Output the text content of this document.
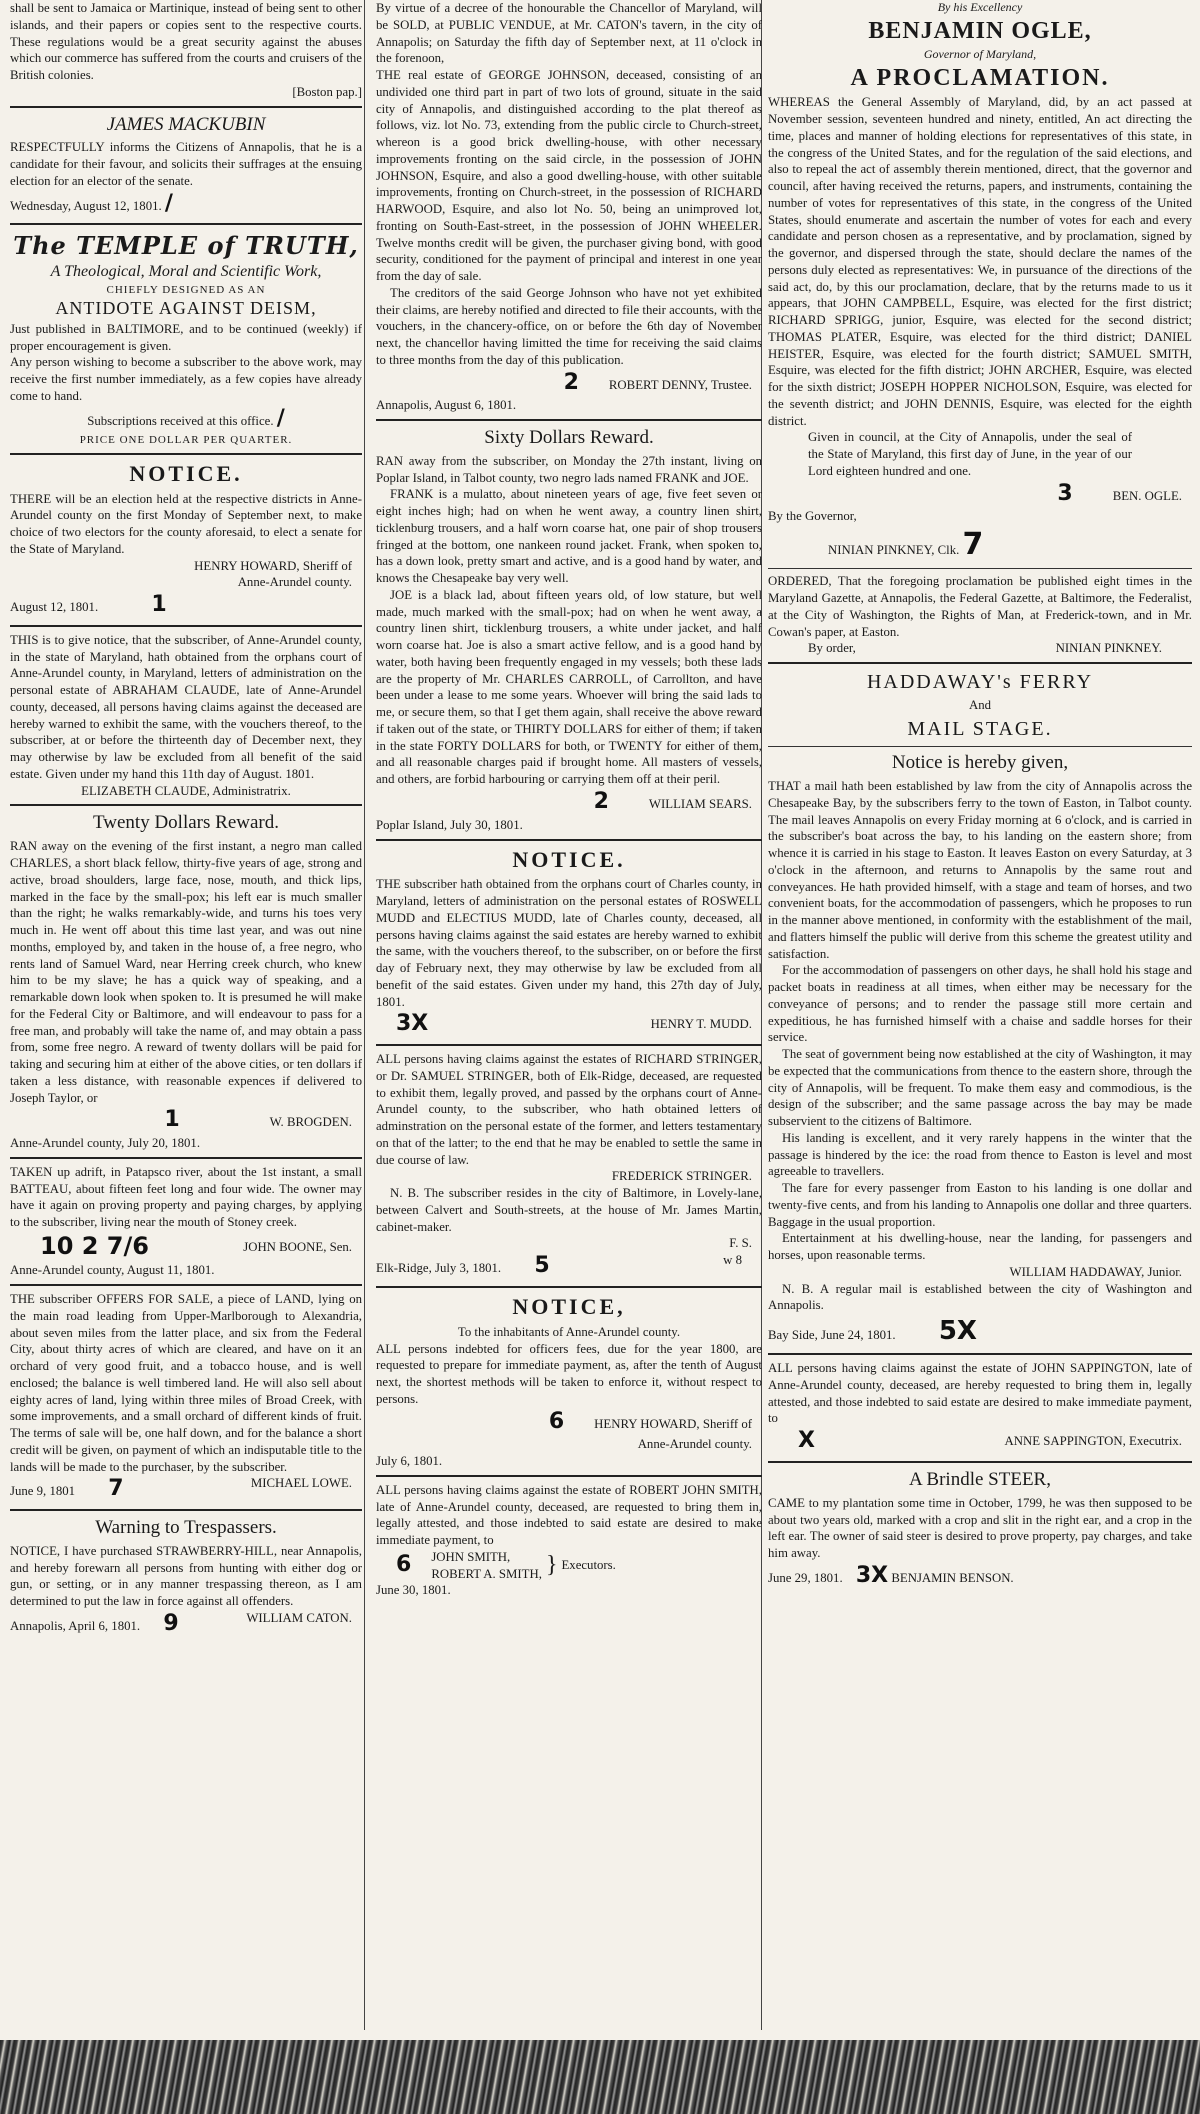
shall be sent to Jamaica or Martinique, instead of being sent to other islands, and their papers or copies sent to the respective courts. These regulations would be a great security against the abuses which our commerce has suffered from the courts and cruisers of the British colonies.

[Boston pap.]
JAMES MACKUBIN

RESPECTFULLY informs the Citizens of Annapolis, that he is a candidate for their favour, and solicits their suffrages at the ensuing election for an elector of the senate.

Wednesday, August 12, 1801. /
The TEMPLE of TRUTH,
A Theological, Moral and Scientific Work,
CHIEFLY DESIGNED AS AN
ANTIDOTE AGAINST DEISM,

Just published in BALTIMORE, and to be continued (weekly) if proper encouragement is given.

Any person wishing to become a subscriber to the above work, may receive the first number immediately, as a few copies have already come to hand.

Subscriptions received at this office. /
PRICE ONE DOLLAR PER QUARTER.
NOTICE.

THERE will be an election held at the respective districts in Anne-Arundel county on the first Monday of September next, to make choice of two electors for the county aforesaid, to elect a senate for the State of Maryland.

HENRY HOWARD, Sheriff of
Anne-Arundel county.
August 12, 1801. 1

THIS is to give notice, that the subscriber, of Anne-Arundel county, in the state of Maryland, hath obtained from the orphans court of Anne-Arundel county, in Maryland, letters of administration on the personal estate of ABRAHAM CLAUDE, late of Anne-Arundel county, deceased, all persons having claims against the deceased are hereby warned to exhibit the same, with the vouchers thereof, to the subscriber, at or before the thirteenth day of December next, they may otherwise by law be excluded from all benefit of the said estate. Given under my hand this 11th day of August. 1801.

ELIZABETH CLAUDE, Administratrix.
Twenty Dollars Reward.

RAN away on the evening of the first instant, a negro man called CHARLES, a short black fellow, thirty-five years of age, strong and active, broad shoulders, large face, nose, mouth, and thick lips, marked in the face by the small-pox; his left ear is much smaller than the right; he walks remarkably-wide, and turns his toes very much in. He went off about this time last year, and was out nine months, employed by, and taken in the house of, a free negro, who rents land of Samuel Ward, near Herring creek church, who knew him to be my slave; he has a quick way of speaking, and a remarkable down look when spoken to. It is presumed he will make for the Federal City or Baltimore, and will endeavour to pass for a free man, and probably will take the name of, and may obtain a pass from, some free negro. A reward of twenty dollars will be paid for taking and securing him at either of the above cities, or ten dollars if taken a less distance, with reasonable expences if delivered to Joseph Taylor, or

1	W. BROGDEN.
Anne-Arundel county, July 20, 1801.

TAKEN up adrift, in Patapsco river, about the 1st instant, a small BATTEAU, about fifteen feet long and four wide. The owner may have it again on proving property and paying charges, by applying to the subscriber, living near the mouth of Stoney creek.

10 2 7/6	JOHN BOONE, Sen.
Anne-Arundel county, August 11, 1801.

THE subscriber OFFERS FOR SALE, a piece of LAND, lying on the main road leading from Upper-Marlborough to Alexandria, about seven miles from the latter place, and six from the Federal City, about thirty acres of which are cleared, and have on it an orchard of very good fruit, and a tobacco house, and is well enclosed; the balance is well timbered land. He will also sell about eighty acres of land, lying within three miles of Broad Creek, with some improvements, and a small orchard of different kinds of fruit. The terms of sale will be, one half down, and for the balance a short credit will be given, on payment of which an indisputable title to the lands will be made to the purchaser, by the subscriber.

June 9, 1801 7	MICHAEL LOWE.
Warning to Trespassers.

NOTICE, I have purchased STRAWBERRY-HILL, near Annapolis, and hereby forewarn all persons from hunting with either dog or gun, or setting, or in any manner trespassing thereon, as I am determined to put the law in force against all offenders.

Annapolis, April 6, 1801. 9	WILLIAM CATON.

By virtue of a decree of the honourable the Chancellor of Maryland, will be SOLD, at PUBLIC VENDUE, at Mr. CATON's tavern, in the city of Annapolis; on Saturday the fifth day of September next, at 11 o'clock in the forenoon,

THE real estate of GEORGE JOHNSON, deceased, consisting of an undivided one third part in part of two lots of ground, situate in the said city of Annapolis, and distinguished according to the plat thereof as follows, viz. lot No. 73, extending from the public circle to Church-street, whereon is a good brick dwelling-house, with other necessary improvements fronting on the said circle, in the possession of JOHN JOHNSON, Esquire, and also a good dwelling-house, with other suitable improvements, fronting on Church-street, in the possession of RICHARD HARWOOD, Esquire, and also lot No. 50, being an unimproved lot, fronting on South-East-street, in the possession of JOHN WHEELER. Twelve months credit will be given, the purchaser giving bond, with good security, conditioned for the payment of principal and interest in one year from the day of sale.

The creditors of the said George Johnson who have not yet exhibited their claims, are hereby notified and directed to file their accounts, with the vouchers, in the chancery-office, on or before the 6th day of November next, the chancellor having limitted the time for receiving the said claims to three months from the day of this publication.

2 ROBERT DENNY, Trustee.
Annapolis, August 6, 1801.
Sixty Dollars Reward.

RAN away from the subscriber, on Monday the 27th instant, living on Poplar Island, in Talbot county, two negro lads named FRANK and JOE.

FRANK is a mulatto, about nineteen years of age, five feet seven or eight inches high; had on when he went away, a country linen shirt, ticklenburg trousers, and a half worn coarse hat, one pair of shop trousers fringed at the bottom, one nankeen round jacket. Frank, when spoken to, has a down look, pretty smart and active, and is a good hand by water, and knows the Chesapeake bay very well.

JOE is a black lad, about fifteen years old, of low stature, but well made, much marked with the small-pox; had on when he went away, a country linen shirt, ticklenburg trousers, a white under jacket, and half worn coarse hat. Joe is also a smart active fellow, and is a good hand by water, both having been frequently engaged in my vessels; both these lads are the property of Mr. CHARLES CARROLL, of Carrollton, and have been under a lease to me some years. Whoever will bring the said lads to me, or secure them, so that I get them again, shall receive the above reward if taken out of the state, or THIRTY DOLLARS for either of them; if taken in the state FORTY DOLLARS for both, or TWENTY for either of them, and all reasonable charges paid if brought home. All masters of vessels, and others, are forbid harbouring or carrying them off at their peril.

2	WILLIAM SEARS.
Poplar Island, July 30, 1801.
NOTICE.

THE subscriber hath obtained from the orphans court of Charles county, in Maryland, letters of administration on the personal estates of ROSWELL MUDD and ELECTIUS MUDD, late of Charles county, deceased, all persons having claims against the said estates are hereby warned to exhibit the same, with the vouchers thereof, to the subscriber, on or before the first day of February next, they may otherwise by law be excluded from all benefit of the said estates. Given under my hand, this 27th day of July, 1801.

3X	HENRY T. MUDD.

ALL persons having claims against the estates of RICHARD STRINGER, or Dr. SAMUEL STRINGER, both of Elk-Ridge, deceased, are requested to exhibit them, legally proved, and passed by the orphans court of Anne-Arundel county, to the subscriber, who hath obtained letters of adminstration on the personal estate of the former, and letters testamentary on that of the latter; to the end that he may be enabled to settle the same in due course of law.

FREDERICK STRINGER.

N. B. The subscriber resides in the city of Baltimore, in Lovely-lane, between Calvert and South-streets, at the house of Mr. James Martin, cabinet-maker.

F. S.
Elk-Ridge, July 3, 1801. 5	w 8
NOTICE,
To the inhabitants of Anne-Arundel county.

ALL persons indebted for officers fees, due for the year 1800, are requested to prepare for immediate payment, as, after the tenth of August next, the shortest methods will be taken to enforce it, without respect to persons.

6 HENRY HOWARD, Sheriff of
Anne-Arundel county.
July 6, 1801.

ALL persons having claims against the estate of ROBERT JOHN SMITH, late of Anne-Arundel county, deceased, are requested to bring them in, legally attested, and those indebted to said estate are desired to make immediate payment, to

6 JOHN SMITH,
ROBERT A. SMITH, } Executors.
June 30, 1801.
By his Excellency
BENJAMIN OGLE,
Governor of Maryland,
A PROCLAMATION.

WHEREAS the General Assembly of Maryland, did, by an act passed at November session, seventeen hundred and ninety, entitled, An act directing the time, places and manner of holding elections for representatives of this state, in the congress of the United States, and for the regulation of the said elections, and also to repeal the act of assembly therein mentioned, direct, that the governor and council, after having received the returns, papers, and instruments, containing the number of votes for representatives of this state, in the congress of the United States, should enumerate and ascertain the number of votes for each and every candidate and person chosen as a representative, and by proclamation, signed by the governor, and dispersed through the state, should declare the names of the persons duly elected as representatives: We, in pursuance of the directions of the said act, do, by this our proclamation, declare, that by the returns made to us it appears, that JOHN CAMPBELL, Esquire, was elected for the first district; RICHARD SPRIGG, junior, Esquire, was elected for the second district; THOMAS PLATER, Esquire, was elected for the third district; DANIEL HEISTER, Esquire, was elected for the fourth district; SAMUEL SMITH, Esquire, was elected for the fifth district; JOHN ARCHER, Esquire, was elected for the sixth district; JOSEPH HOPPER NICHOLSON, Esquire, was elected for the seventh district; and JOHN DENNIS, Esquire, was elected for the eighth district.

Given in council, at the City of Annapolis, under the seal of the State of Maryland, this first day of June, in the year of our Lord eighteen hundred and one.

3	BEN. OGLE.
By the Governor,
NINIAN PINKNEY, Clk. 7

ORDERED, That the foregoing proclamation be published eight times in the Maryland Gazette, at Annapolis, the Federal Gazette, at Baltimore, the Federalist, at the City of Washington, the Rights of Man, at Frederick-town, and in Mr. Cowan's paper, at Easton.

By order,	NINIAN PINKNEY.
HADDAWAY's FERRY
And
MAIL STAGE.
Notice is hereby given,

THAT a mail hath been established by law from the city of Annapolis across the Chesapeake Bay, by the subscribers ferry to the town of Easton, in Talbot county. The mail leaves Annapolis on every Friday morning at 6 o'clock, and is carried in the subscriber's boat across the bay, to his landing on the eastern shore; from whence it is carried in his stage to Easton. It leaves Easton on every Saturday, at 3 o'clock in the afternoon, and returns to Annapolis by the same rout and conveyances. He hath provided himself, with a stage and team of horses, and two convenient boats, for the accommodation of passengers, which he proposes to run in the manner above mentioned, in conformity with the establishment of the mail, and flatters himself the public will derive from this scheme the greatest utility and satisfaction.

For the accommodation of passengers on other days, he shall hold his stage and packet boats in readiness at all times, when either may be necessary for the conveyance of persons; and to render the passage still more certain and expeditious, he has furnished himself with a chaise and saddle horses for their service.

The seat of government being now established at the city of Washington, it may be expected that the communications from thence to the eastern shore, through the city of Annapolis, will be frequent. To make them easy and commodious, is the design of the subscriber; and the same passage across the bay may be made subservient to the citizens of Baltimore.

His landing is excellent, and it very rarely happens in the winter that the passage is hindered by the ice: the road from thence to Easton is level and most agreeable to travellers.

The fare for every passenger from Easton to his landing is one dollar and twenty-five cents, and from his landing to Annapolis one dollar and three quarters. Baggage in the usual proportion.

Entertainment at his dwelling-house, near the landing, for passengers and horses, upon reasonable terms.

WILLIAM HADDAWAY, Junior.

N. B. A regular mail is established between the city of Washington and Annapolis.

Bay Side, June 24, 1801. 5X

ALL persons having claims against the estate of JOHN SAPPINGTON, late of Anne-Arundel county, deceased, are hereby requested to bring them in, legally attested, and those indebted to said estate are desired to make immediate payment, to

X	ANNE SAPPINGTON, Executrix.
A Brindle STEER,

CAME to my plantation some time in October, 1799, he was then supposed to be about two years old, marked with a crop and slit in the right ear, and a crop in the left ear. The owner of said steer is desired to prove property, pay charges, and take him away.

June 29, 1801. 3X BENJAMIN BENSON.
